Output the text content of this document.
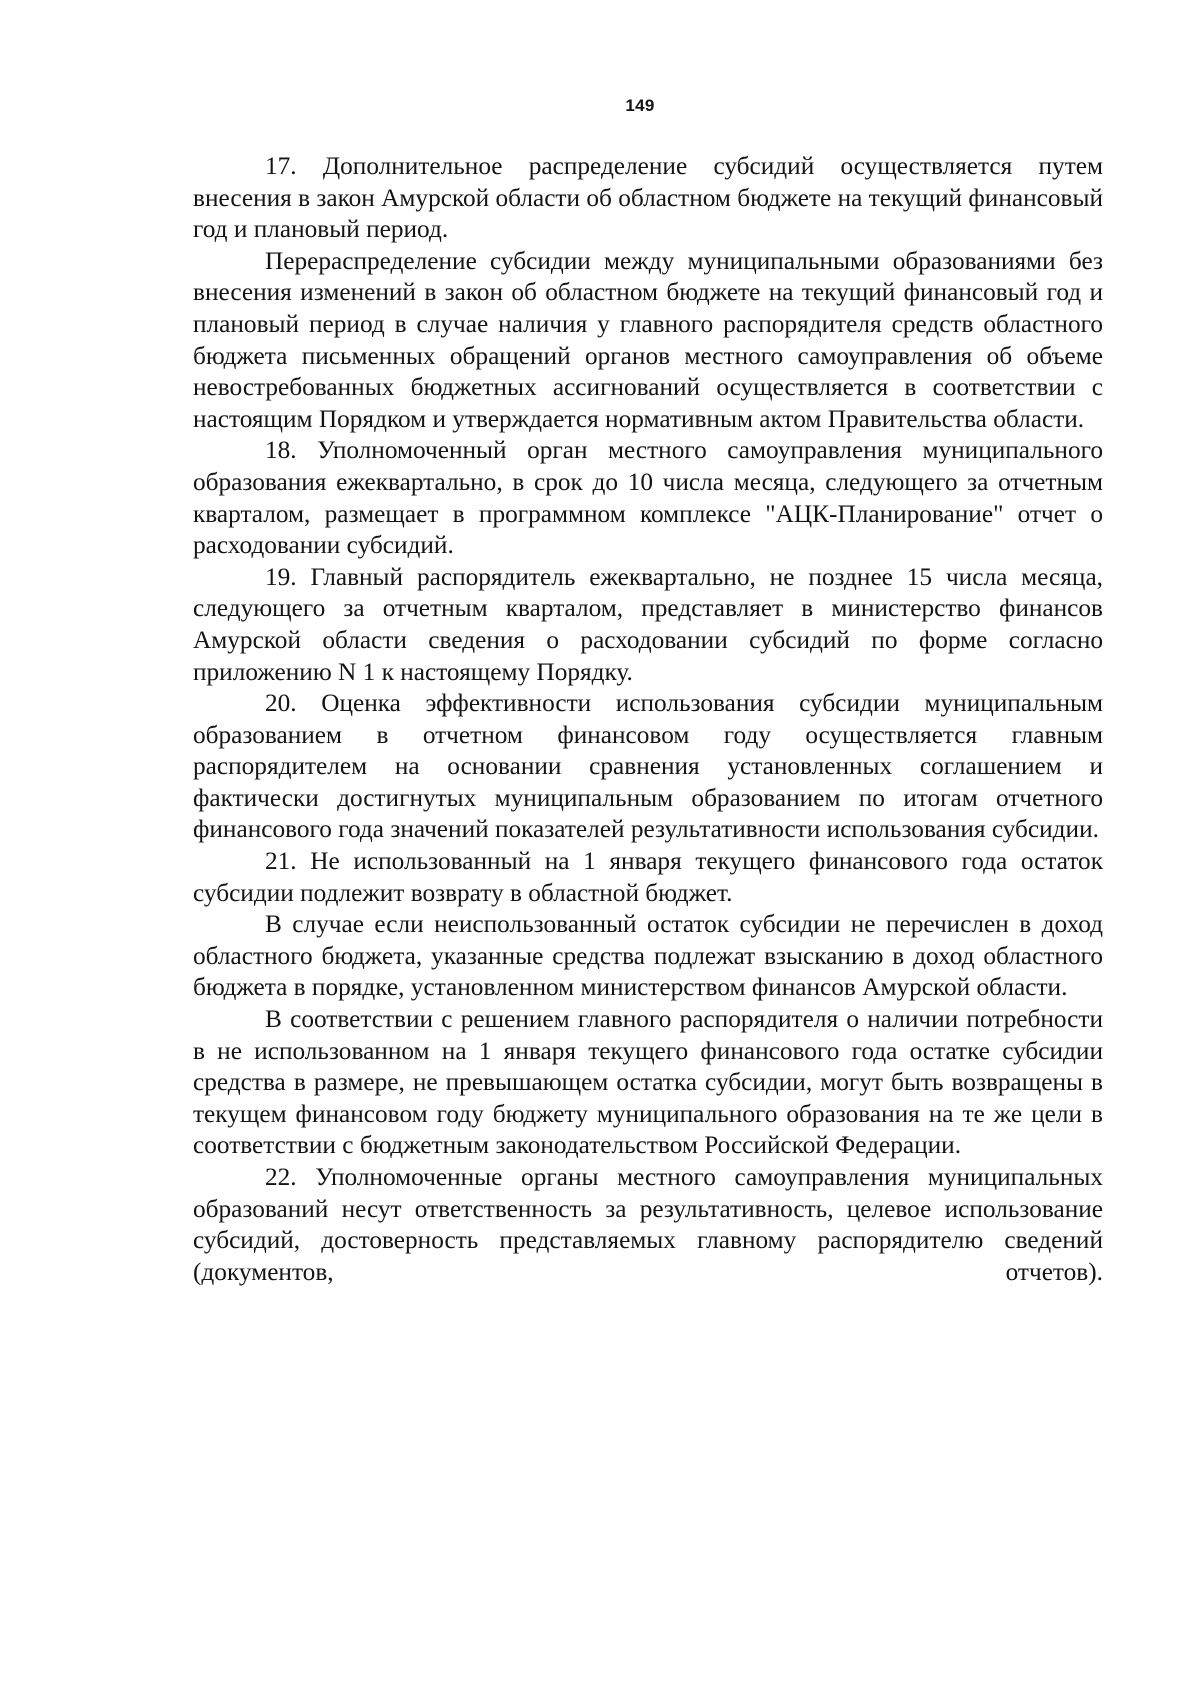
149

17. Дополнительное распределение субсидий осуществляется путем внесения в закон Амурской области об областном бюджете на текущий финансовый год и плановый период.

Перераспределение субсидии между муниципальными образованиями без внесения изменений в закон об областном бюджете на текущий финансовый год и плановый период в случае наличия у главного распорядителя средств областного бюджета письменных обращений органов местного самоуправления об объеме невостребованных бюджетных ассигнований осуществляется в соответствии с настоящим Порядком и утверждается нормативным актом Правительства области.

18. Уполномоченный орган местного самоуправления муниципального образования ежеквартально, в срок до 10 числа месяца, следующего за отчетным кварталом, размещает в программном комплексе "АЦК-Планирование" отчет о расходовании субсидий.

19. Главный распорядитель ежеквартально, не позднее 15 числа месяца, следующего за отчетным кварталом, представляет в министерство финансов Амурской области сведения о расходовании субсидий по форме согласно приложению N 1 к настоящему Порядку.

20. Оценка эффективности использования субсидии муниципальным образованием в отчетном финансовом году осуществляется главным распорядителем на основании сравнения установленных соглашением и фактически достигнутых муниципальным образованием по итогам отчетного финансового года значений показателей результативности использования субсидии.

21. Не использованный на 1 января текущего финансового года остаток субсидии подлежит возврату в областной бюджет.

В случае если неиспользованный остаток субсидии не перечислен в доход областного бюджета, указанные средства подлежат взысканию в доход областного бюджета в порядке, установленном министерством финансов Амурской области.

В соответствии с решением главного распорядителя о наличии потребности в не использованном на 1 января текущего финансового года остатке субсидии средства в размере, не превышающем остатка субсидии, могут быть возвращены в текущем финансовом году бюджету муниципального образования на те же цели в соответствии с бюджетным законодательством Российской Федерации.

22. Уполномоченные органы местного самоуправления муниципальных образований несут ответственность за результативность, целевое использование субсидий, достоверность представляемых главному распорядителю сведений (документов, отчетов).
